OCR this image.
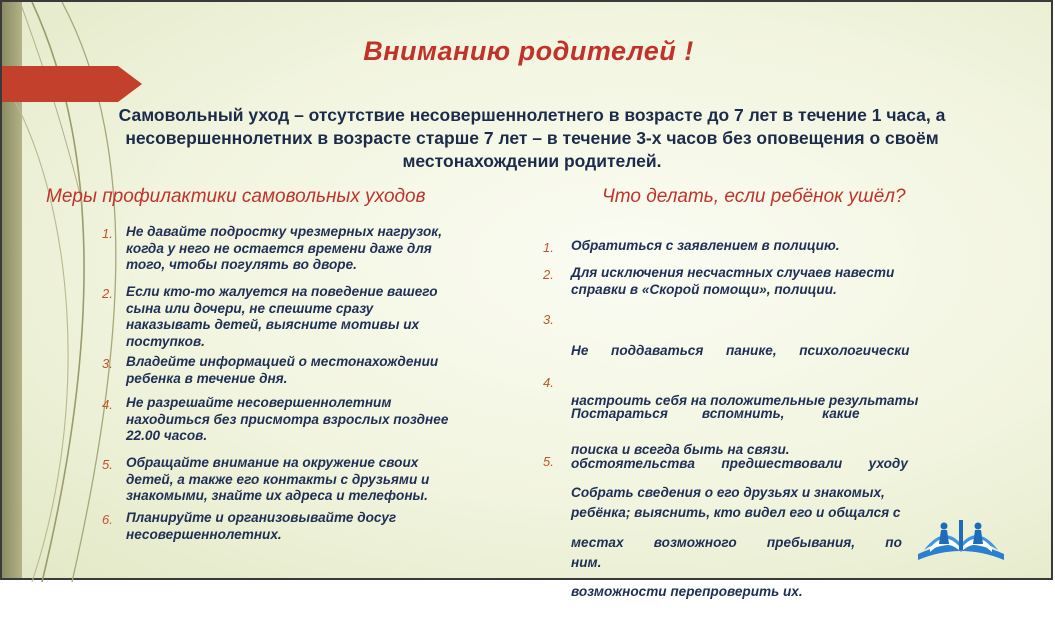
Вниманию родителей !
Самовольный уход – отсутствие несовершеннолетнего в возрасте до 7 лет в течение 1 часа, а
несовершеннолетних в возрасте старше 7 лет – в течение 3-х часов без оповещения о своём
местонахождении родителей.
Меры профилактики самовольных уходов	Что делать, если ребёнок ушёл?
1. Не давайте подростку чрезмерных нагрузок,
когда у него не остается времени даже для
того, чтобы погулять во дворе.
2. Если кто-то жалуется на поведение вашего
сына или дочери, не спешите сразу
наказывать детей, выясните мотивы их
поступков.
3. Владейте информацией о местонахождении
ребенка в течение дня.
4. Не разрешайте несовершеннолетним
находиться без присмотра взрослых позднее
22.00 часов.
5. Обращайте внимание на окружение своих
детей, а также его контакты с друзьями и
знакомыми, знайте их адреса и телефоны.
6. Планируйте и организовывайте досуг
несовершеннолетних.
1. Обратиться с заявлением в полицию.
2. Для исключения несчастных случаев навести
справки в «Скорой помощи», полиции.
3.

Не      поддаваться      панике,      психологически

настроить себя на положительные результаты

поиска и всегда быть на связи.

4.

Постараться         вспомнить,          какие

обстоятельства       предшествовали       уходу

ребёнка; выяснить, кто видел его и общался с

ним.

5.

Собрать сведения о его друзьях и знакомых,

местах        возможного        пребывания,        по

возможности перепроверить их.
